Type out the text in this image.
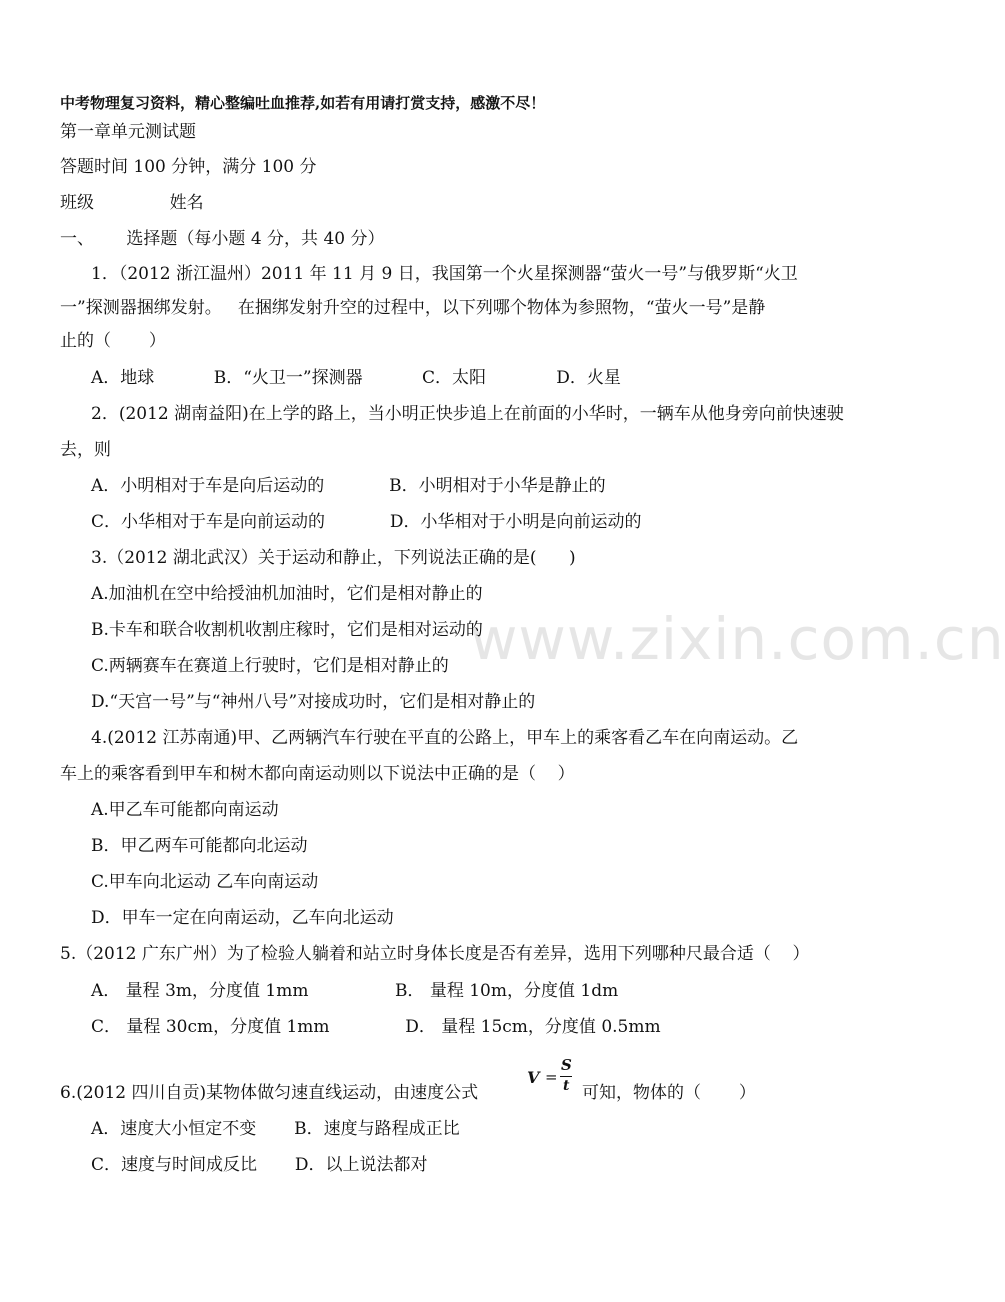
www.zixin.com.cn
中考物理复习资料，精心整编吐血推荐,如若有用请打赏支持，感激不尽！
第一章单元测试题
答题时间 100 分钟，满分 100 分
班级              姓名
一、      选择题（每小题 4 分，共 40 分）
1．（2012 浙江温州）2011 年 11 月 9 日，我国第一个火星探测器“萤火一号”与俄罗斯“火卫
一”探测器捆绑发射。   在捆绑发射升空的过程中，以下列哪个物体为参照物，“萤火一号”是静
止的（       ）
A．地球           B．“火卫一”探测器           C．太阳             D．火星
2．(2012 湖南益阳)在上学的路上，当小明正快步追上在前面的小华时，一辆车从他身旁向前快速驶
去，则
A．小明相对于车是向后运动的            B．小明相对于小华是静止的
C．小华相对于车是向前运动的            D．小华相对于小明是向前运动的
3.（2012 湖北武汉）关于运动和静止，下列说法正确的是(      )
A.加油机在空中给授油机加油时，它们是相对静止的
B.卡车和联合收割机收割庄稼时，它们是相对运动的
C.两辆赛车在赛道上行驶时，它们是相对静止的
D.“天宫一号”与“神州八号”对接成功时，它们是相对静止的
4.(2012 江苏南通)甲、乙两辆汽车行驶在平直的公路上，甲车上的乘客看乙车在向南运动。乙
车上的乘客看到甲车和树木都向南运动则以下说法中正确的是（    ）
A.甲乙车可能都向南运动
B．甲乙两车可能都向北运动
C.甲车向北运动 乙车向南运动
D．甲车一定在向南运动，乙车向北运动
5.（2012 广东广州）为了检验人躺着和站立时身体长度是否有差异，选用下列哪种尺最合适（    ）
A． 量程 3m，分度值 1mm                B． 量程 10m，分度值 1dm
C． 量程 30cm，分度值 1mm              D． 量程 15cm，分度值 0.5mm
6.(2012 四川自贡)某物体做匀速直线运动，由速度公式
V =
S
t 可知，物体的（       ）
A．速度大小恒定不变       B．速度与路程成正比
C．速度与时间成反比       D．以上说法都对
